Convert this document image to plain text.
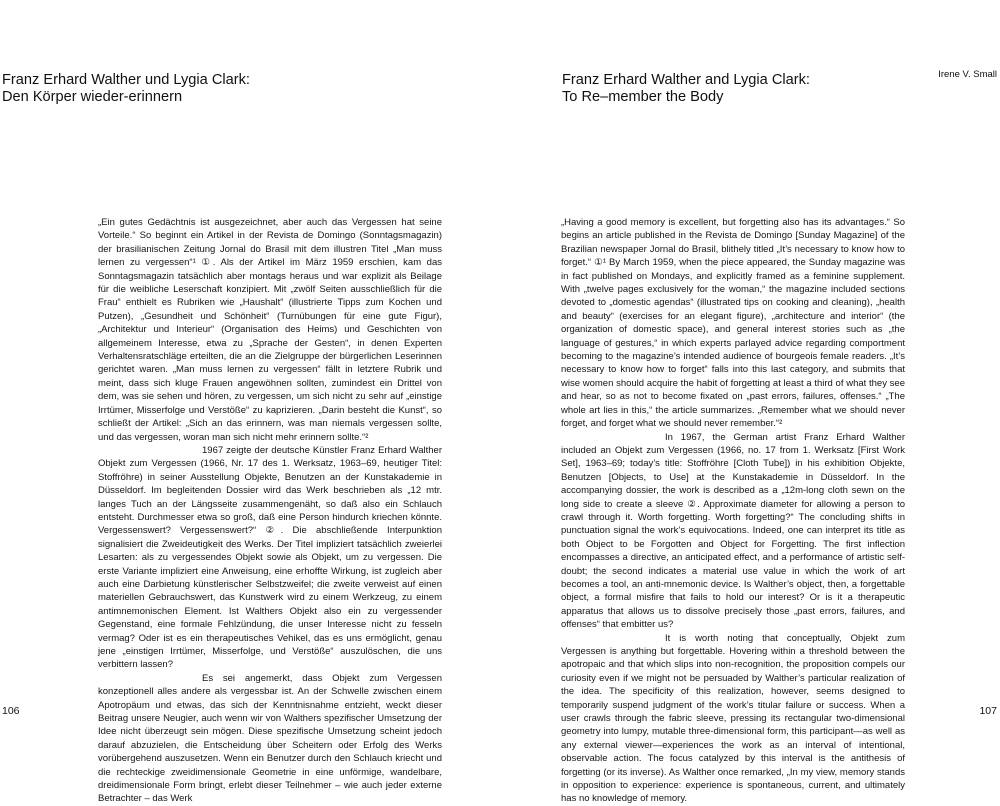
Franz Erhard Walther und Lygia Clark:
Den Körper wieder-erinnern
Franz Erhard Walther and Lygia Clark:
To Re–member the Body
Irene V. Small

„Ein gutes Gedächtnis ist ausgezeichnet, aber auch das Vergessen hat seine Vorteile.“ So beginnt ein Artikel in der Revista de Domingo (Sonntagsmagazin) der brasilianischen Zeitung Jornal do Brasil mit dem illustren Titel „Man muss lernen zu vergessen“¹ ①. Als der Artikel im März 1959 erschien, kam das Sonntagsmagazin tatsächlich aber montags heraus und war explizit als Beilage für die weibliche Leserschaft konzipiert. Mit „zwölf Seiten ausschließlich für die Frau“ enthielt es Rubriken wie „Haushalt“ (illustrierte Tipps zum Kochen und Putzen), „Gesundheit und Schönheit“ (Turnübungen für eine gute Figur), „Architektur und Interieur“ (Organisation des Heims) und Geschichten von allgemeinem Interesse, etwa zu „Sprache der Gesten“, in denen Experten Verhaltensratschläge erteilten, die an die Zielgruppe der bürgerlichen Leserinnen gerichtet waren. „Man muss lernen zu vergessen“ fällt in letztere Rubrik und meint, dass sich kluge Frauen angewöhnen sollten, zumindest ein Drittel von dem, was sie sehen und hören, zu vergessen, um sich nicht zu sehr auf „einstige Irrtümer, Misserfolge und Verstöße“ zu kaprizieren. „Darin besteht die Kunst“, so schließt der Artikel: „Sich an das erinnern, was man niemals vergessen sollte, und das vergessen, woran man sich nicht mehr erinnern sollte.“²

1967 zeigte der deutsche Künstler Franz Erhard Walther Objekt zum Vergessen (1966, Nr. 17 des 1. Werksatz, 1963–69, heutiger Titel: Stoffröhre) in seiner Ausstellung Objekte, Benutzen an der Kunstakademie in Düsseldorf. Im begleitenden Dossier wird das Werk beschrieben als „12 mtr. langes Tuch an der Längsseite zusammengenäht, so daß also ein Schlauch entsteht. Durchmesser etwa so groß, daß eine Person hindurch kriechen könnte. Vergessenswert? Vergessenswert?“ ②. Die abschließende Interpunktion signalisiert die Zweideutigkeit des Werks. Der Titel impliziert tatsächlich zweierlei Lesarten: als zu vergessendes Objekt sowie als Objekt, um zu vergessen. Die erste Variante impliziert eine Anweisung, eine erhoffte Wirkung, ist zugleich aber auch eine Darbietung künstlerischer Selbstzweifel; die zweite verweist auf einen materiellen Gebrauchswert, das Kunstwerk wird zu einem Werkzeug, zu einem antimnemonischen Element. Ist Walthers Objekt also ein zu vergessender Gegenstand, eine formale Fehlzündung, die unser Interesse nicht zu fesseln vermag? Oder ist es ein therapeutisches Vehikel, das es uns ermöglicht, genau jene „einstigen Irrtümer, Misserfolge, und Verstöße“ auszulöschen, die uns verbittern lassen?

Es sei angemerkt, dass Objekt zum Vergessen konzeptionell alles andere als vergessbar ist. An der Schwelle zwischen einem Apotropäum und etwas, das sich der Kenntnisnahme entzieht, weckt dieser Beitrag unsere Neugier, auch wenn wir von Walthers spezifischer Umsetzung der Idee nicht überzeugt sein mögen. Diese spezifische Umsetzung scheint jedoch darauf abzuzielen, die Entscheidung über Scheitern oder Erfolg des Werks vorübergehend auszusetzen. Wenn ein Benutzer durch den Schlauch kriecht und die rechteckige zweidimensionale Geometrie in eine unförmige, wandelbare, dreidimensionale Form bringt, erlebt dieser Teilnehmer – wie auch jeder externe Betrachter – das Werk

„Having a good memory is excellent, but forgetting also has its advantages.“ So begins an article published in the Revista de Domingo [Sunday Magazine] of the Brazilian newspaper Jornal do Brasil, blithely titled „It’s necessary to know how to forget.“ ①¹ By March 1959, when the piece appeared, the Sunday magazine was in fact published on Mondays, and explicitly framed as a feminine supplement. With „twelve pages exclusively for the woman,“ the magazine included sections devoted to „domestic agendas“ (illustrated tips on cooking and cleaning), „health and beauty“ (exercises for an elegant figure), „architecture and interior“ (the organization of domestic space), and general interest stories such as „the language of gestures,“ in which experts parlayed advice regarding comportment becoming to the magazine’s intended audience of bourgeois female readers. „It’s necessary to know how to forget“ falls into this last category, and submits that wise women should acquire the habit of forgetting at least a third of what they see and hear, so as not to become fixated on „past errors, failures, offenses.“ „The whole art lies in this,“ the article summarizes. „Remember what we should never forget, and forget what we should never remember.“²

In 1967, the German artist Franz Erhard Walther included an Objekt zum Vergessen (1966, no. 17 from 1. Werksatz [First Work Set], 1963–69; today’s title: Stoffröhre [Cloth Tube]) in his exhibition Objekte, Benutzen [Objects, to Use] at the Kunstakademie in Düsseldorf. In the accompanying dossier, the work is described as a „12m-long cloth sewn on the long side to create a sleeve ②. Approximate diameter for allowing a person to crawl through it. Worth forgetting. Worth forgetting?“ The concluding shifts in punctuation signal the work’s equivocations. Indeed, one can interpret its title as both Object to be Forgotten and Object for Forgetting. The first inflection encompasses a directive, an anticipated effect, and a performance of artistic self-doubt; the second indicates a material use value in which the work of art becomes a tool, an anti-mnemonic device. Is Walther’s object, then, a forgettable object, a formal misfire that fails to hold our interest? Or is it a therapeutic apparatus that allows us to dissolve precisely those „past errors, failures, and offenses“ that embitter us?

It is worth noting that conceptually, Objekt zum Vergessen is anything but forgettable. Hovering within a threshold between the apotropaic and that which slips into non-recognition, the proposition compels our curiosity even if we might not be persuaded by Walther’s particular realization of the idea. The specificity of this realization, however, seems designed to temporarily suspend judgment of the work’s titular failure or success. When a user crawls through the fabric sleeve, pressing its rectangular two-dimensional geometry into lumpy, mutable three-dimensional form, this participant—as well as any external viewer—experiences the work as an interval of intentional, observable action. The focus catalyzed by this interval is the antithesis of forgetting (or its inverse). As Walther once remarked, „In my view, memory stands in opposition to experience: experience is spontaneous, current, and ultimately has no knowledge of memory.

106	107
